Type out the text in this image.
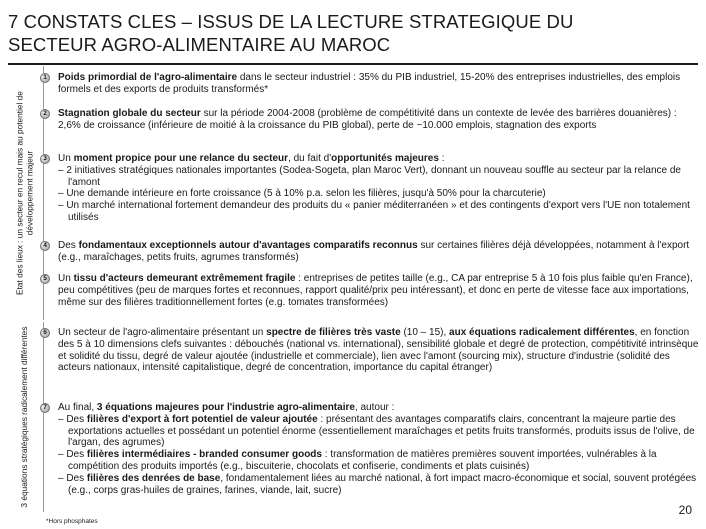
7 CONSTATS CLES – ISSUS DE LA LECTURE STRATEGIQUE DU
SECTEUR AGRO-ALIMENTAIRE AU MAROC
Etat des lieux : un secteur en recul mais au potentiel de développement majeur
3 équations stratégiques radicalement différentes
1	Poids primordial de l'agro-alimentaire dans le secteur industriel : 35% du PIB industriel, 15-20% des entreprises industrielles, des emplois formels et des exports de produits transformés*
2	Stagnation globale du secteur sur la période 2004-2008 (problème de compétitivité dans un contexte de levée des barrières douanières) : 2,6% de croissance (inférieure de moitié à la croissance du PIB global), perte de ~10.000 emplois, stagnation des exports
3	Un moment propice pour une relance du secteur, du fait d'opportunités majeures :
– 2 initiatives stratégiques nationales importantes (Sodea-Sogeta, plan Maroc Vert), donnant un nouveau souffle au secteur par la relance de l'amont
– Une demande intérieure en forte croissance (5 à 10% p.a. selon les filières, jusqu'à 50% pour la charcuterie)
– Un marché international fortement demandeur des produits du « panier méditerranéen » et des contingents d'export vers l'UE non totalement utilisés
4	Des fondamentaux exceptionnels autour d'avantages comparatifs reconnus sur certaines filières déjà développées, notamment à l'export (e.g., maraîchages, petits fruits, agrumes transformés)
5	Un tissu d'acteurs demeurant extrêmement fragile : entreprises de petites taille (e.g., CA par entreprise 5 à 10 fois plus faible qu'en France), peu compétitives (peu de marques fortes et reconnues, rapport qualité/prix peu intéressant), et donc en perte de vitesse face aux importations, même sur des filières traditionnellement fortes (e.g. tomates transformées)
6	Un secteur de l'agro-alimentaire présentant un spectre de filières très vaste (10 – 15), aux équations radicalement différentes, en fonction des 5 à 10 dimensions clefs suivantes : débouchés (national vs. international), sensibilité globale et degré de protection, compétitivité intrinsèque et solidité du tissu, degré de valeur ajoutée (industrielle et commerciale), lien avec l'amont (sourcing mix), structure d'industrie (solidité des acteurs nationaux, intensité capitalistique, degré de concentration, importance du capital étranger)
7	Au final, 3 équations majeures pour l'industrie agro-alimentaire, autour :
– Des filières d'export à fort potentiel de valeur ajoutée : présentant des avantages comparatifs clairs, concentrant la majeure partie des exportations actuelles et possédant un potentiel énorme (essentiellement maraîchages et petits fruits transformés, produits issus de l'olive, de l'argan, des agrumes)
– Des filières intermédiaires - branded consumer goods : transformation de matières premières souvent importées, vulnérables à la compétition des produits importés (e.g., biscuiterie, chocolats et confiserie, condiments et plats cuisinés)
– Des filières des denrées de base, fondamentalement liées au marché national, à fort impact macro-économique et social, souvent protégées (e.g., corps gras-huiles de graines, farines, viande, lait, sucre)
*Hors phosphates
20
